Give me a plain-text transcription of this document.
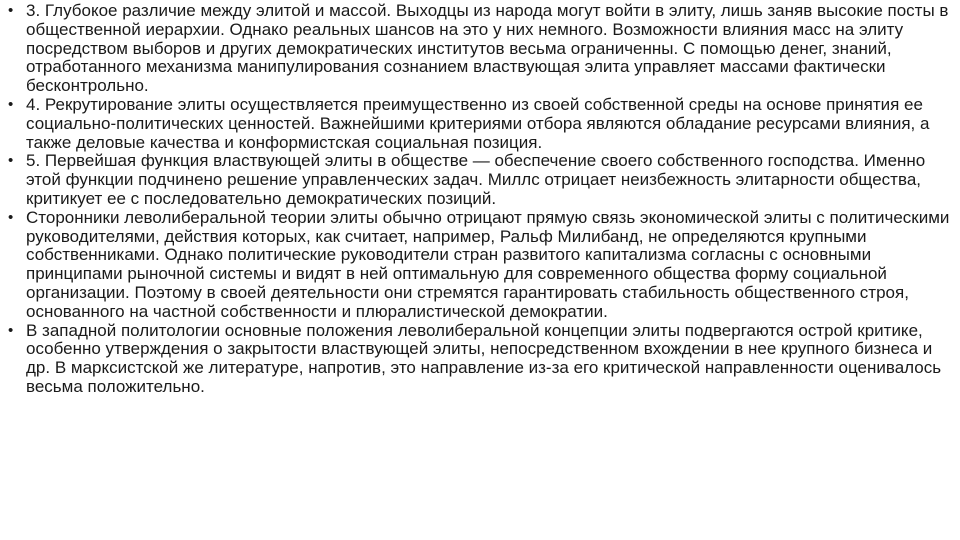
• 3. Глубокое различие между элитой и массой. Выходцы из народа могут войти в элиту, лишь заняв высокие посты в общественной иерархии. Однако реальных шансов на это у них немного. Возможности влияния масс на элиту посредством выборов и других демократических институтов весьма ограниченны. С помощью денег, знаний, отработанного механизма манипулирования сознанием властвующая элита управляет массами фактически бесконтрольно.
• 4. Рекрутирование элиты осуществляется преимущественно из своей собственной среды на основе принятия ее социально-политических ценностей. Важнейшими критериями отбора являются обладание ресурсами влияния, а также деловые качества и конформистская социальная позиция.
• 5. Первейшая функция властвующей элиты в обществе — обеспечение своего собственного господства. Именно этой функции подчинено решение управленческих задач. Миллс отрицает неизбежность элитарности общества, критикует ее с последовательно демократических позиций.
• Сторонники леволиберальной теории элиты обычно отрицают прямую связь экономической элиты с политическими руководителями, действия которых, как считает, например, Ральф Милибанд, не определяются крупными собственниками. Однако политические руководители стран развитого капитализма согласны с основными принципами рыночной системы и видят в ней оптимальную для современного общества форму социальной организации. Поэтому в своей деятельности они стремятся гарантировать стабильность общественного строя, основанного на частной собственности и плюралистической демократии.
• В западной политологии основные положения леволиберальной концепции элиты подвергаются острой критике, особенно утверждения о закрытости властвующей элиты, непосредственном вхождении в нее крупного бизнеса и др. В марксистской же литературе, напротив, это направление из-за его критической направленности оценивалось весьма положительно.
